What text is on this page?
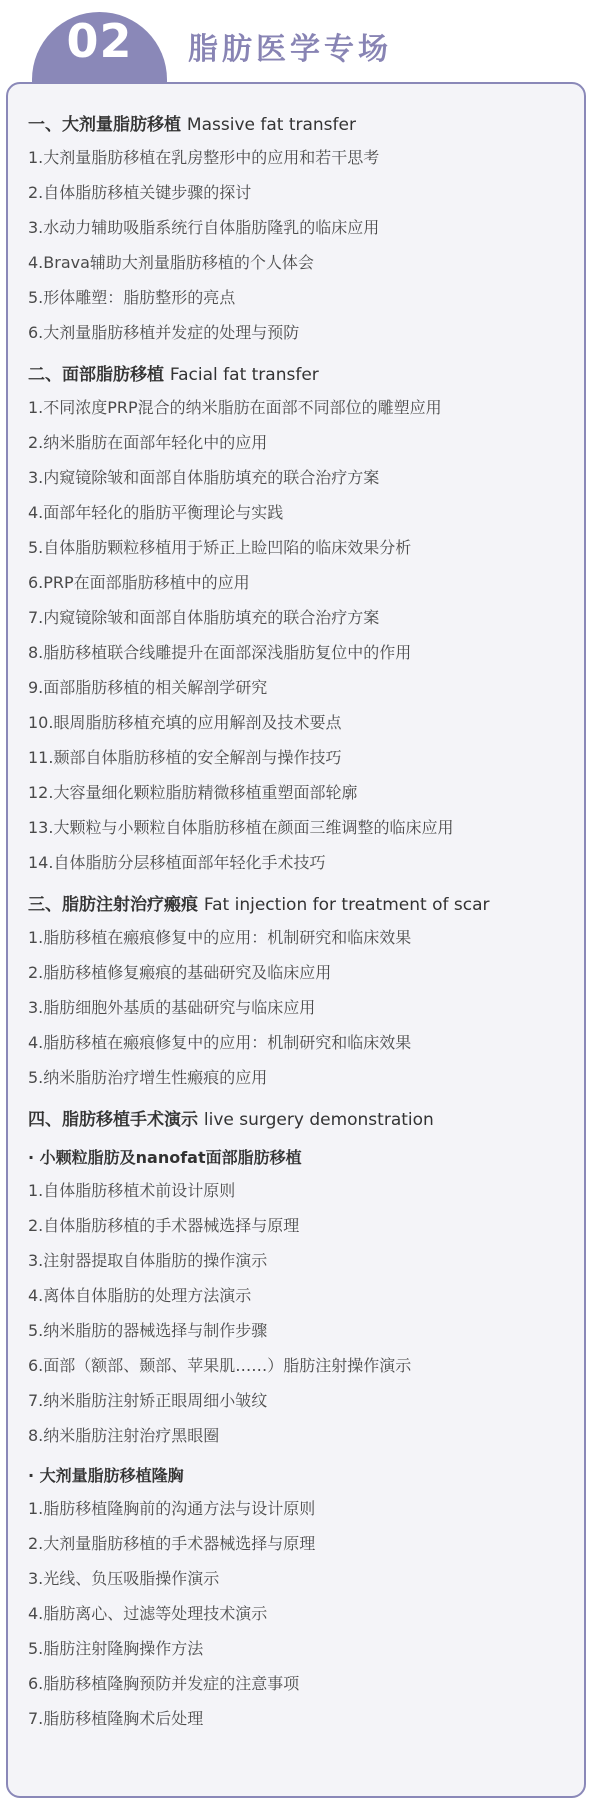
02	脂肪医学专场
一、大剂量脂肪移植 Massive fat transfer
1.大剂量脂肪移植在乳房整形中的应用和若干思考
2.自体脂肪移植关键步骤的探讨
3.水动力辅助吸脂系统行自体脂肪隆乳的临床应用
4.Brava辅助大剂量脂肪移植的个人体会
5.形体雕塑：脂肪整形的亮点
6.大剂量脂肪移植并发症的处理与预防
二、面部脂肪移植 Facial fat transfer
1.不同浓度PRP混合的纳米脂肪在面部不同部位的雕塑应用
2.纳米脂肪在面部年轻化中的应用
3.内窥镜除皱和面部自体脂肪填充的联合治疗方案
4.面部年轻化的脂肪平衡理论与实践
5.自体脂肪颗粒移植用于矫正上睑凹陷的临床效果分析
6.PRP在面部脂肪移植中的应用
7.内窥镜除皱和面部自体脂肪填充的联合治疗方案
8.脂肪移植联合线雕提升在面部深浅脂肪复位中的作用
9.面部脂肪移植的相关解剖学研究
10.眼周脂肪移植充填的应用解剖及技术要点
11.颞部自体脂肪移植的安全解剖与操作技巧
12.大容量细化颗粒脂肪精微移植重塑面部轮廓
13.大颗粒与小颗粒自体脂肪移植在颜面三维调整的临床应用
14.自体脂肪分层移植面部年轻化手术技巧
三、脂肪注射治疗瘢痕 Fat injection for treatment of scar
1.脂肪移植在瘢痕修复中的应用：机制研究和临床效果
2.脂肪移植修复瘢痕的基础研究及临床应用
3.脂肪细胞外基质的基础研究与临床应用
4.脂肪移植在瘢痕修复中的应用：机制研究和临床效果
5.纳米脂肪治疗增生性瘢痕的应用
四、脂肪移植手术演示 live surgery demonstration
· 小颗粒脂肪及nanofat面部脂肪移植
1.自体脂肪移植术前设计原则
2.自体脂肪移植的手术器械选择与原理
3.注射器提取自体脂肪的操作演示
4.离体自体脂肪的处理方法演示
5.纳米脂肪的器械选择与制作步骤
6.面部（额部、颞部、苹果肌……）脂肪注射操作演示
7.纳米脂肪注射矫正眼周细小皱纹
8.纳米脂肪注射治疗黑眼圈
· 大剂量脂肪移植隆胸
1.脂肪移植隆胸前的沟通方法与设计原则
2.大剂量脂肪移植的手术器械选择与原理
3.光线、负压吸脂操作演示
4.脂肪离心、过滤等处理技术演示
5.脂肪注射隆胸操作方法
6.脂肪移植隆胸预防并发症的注意事项
7.脂肪移植隆胸术后处理
